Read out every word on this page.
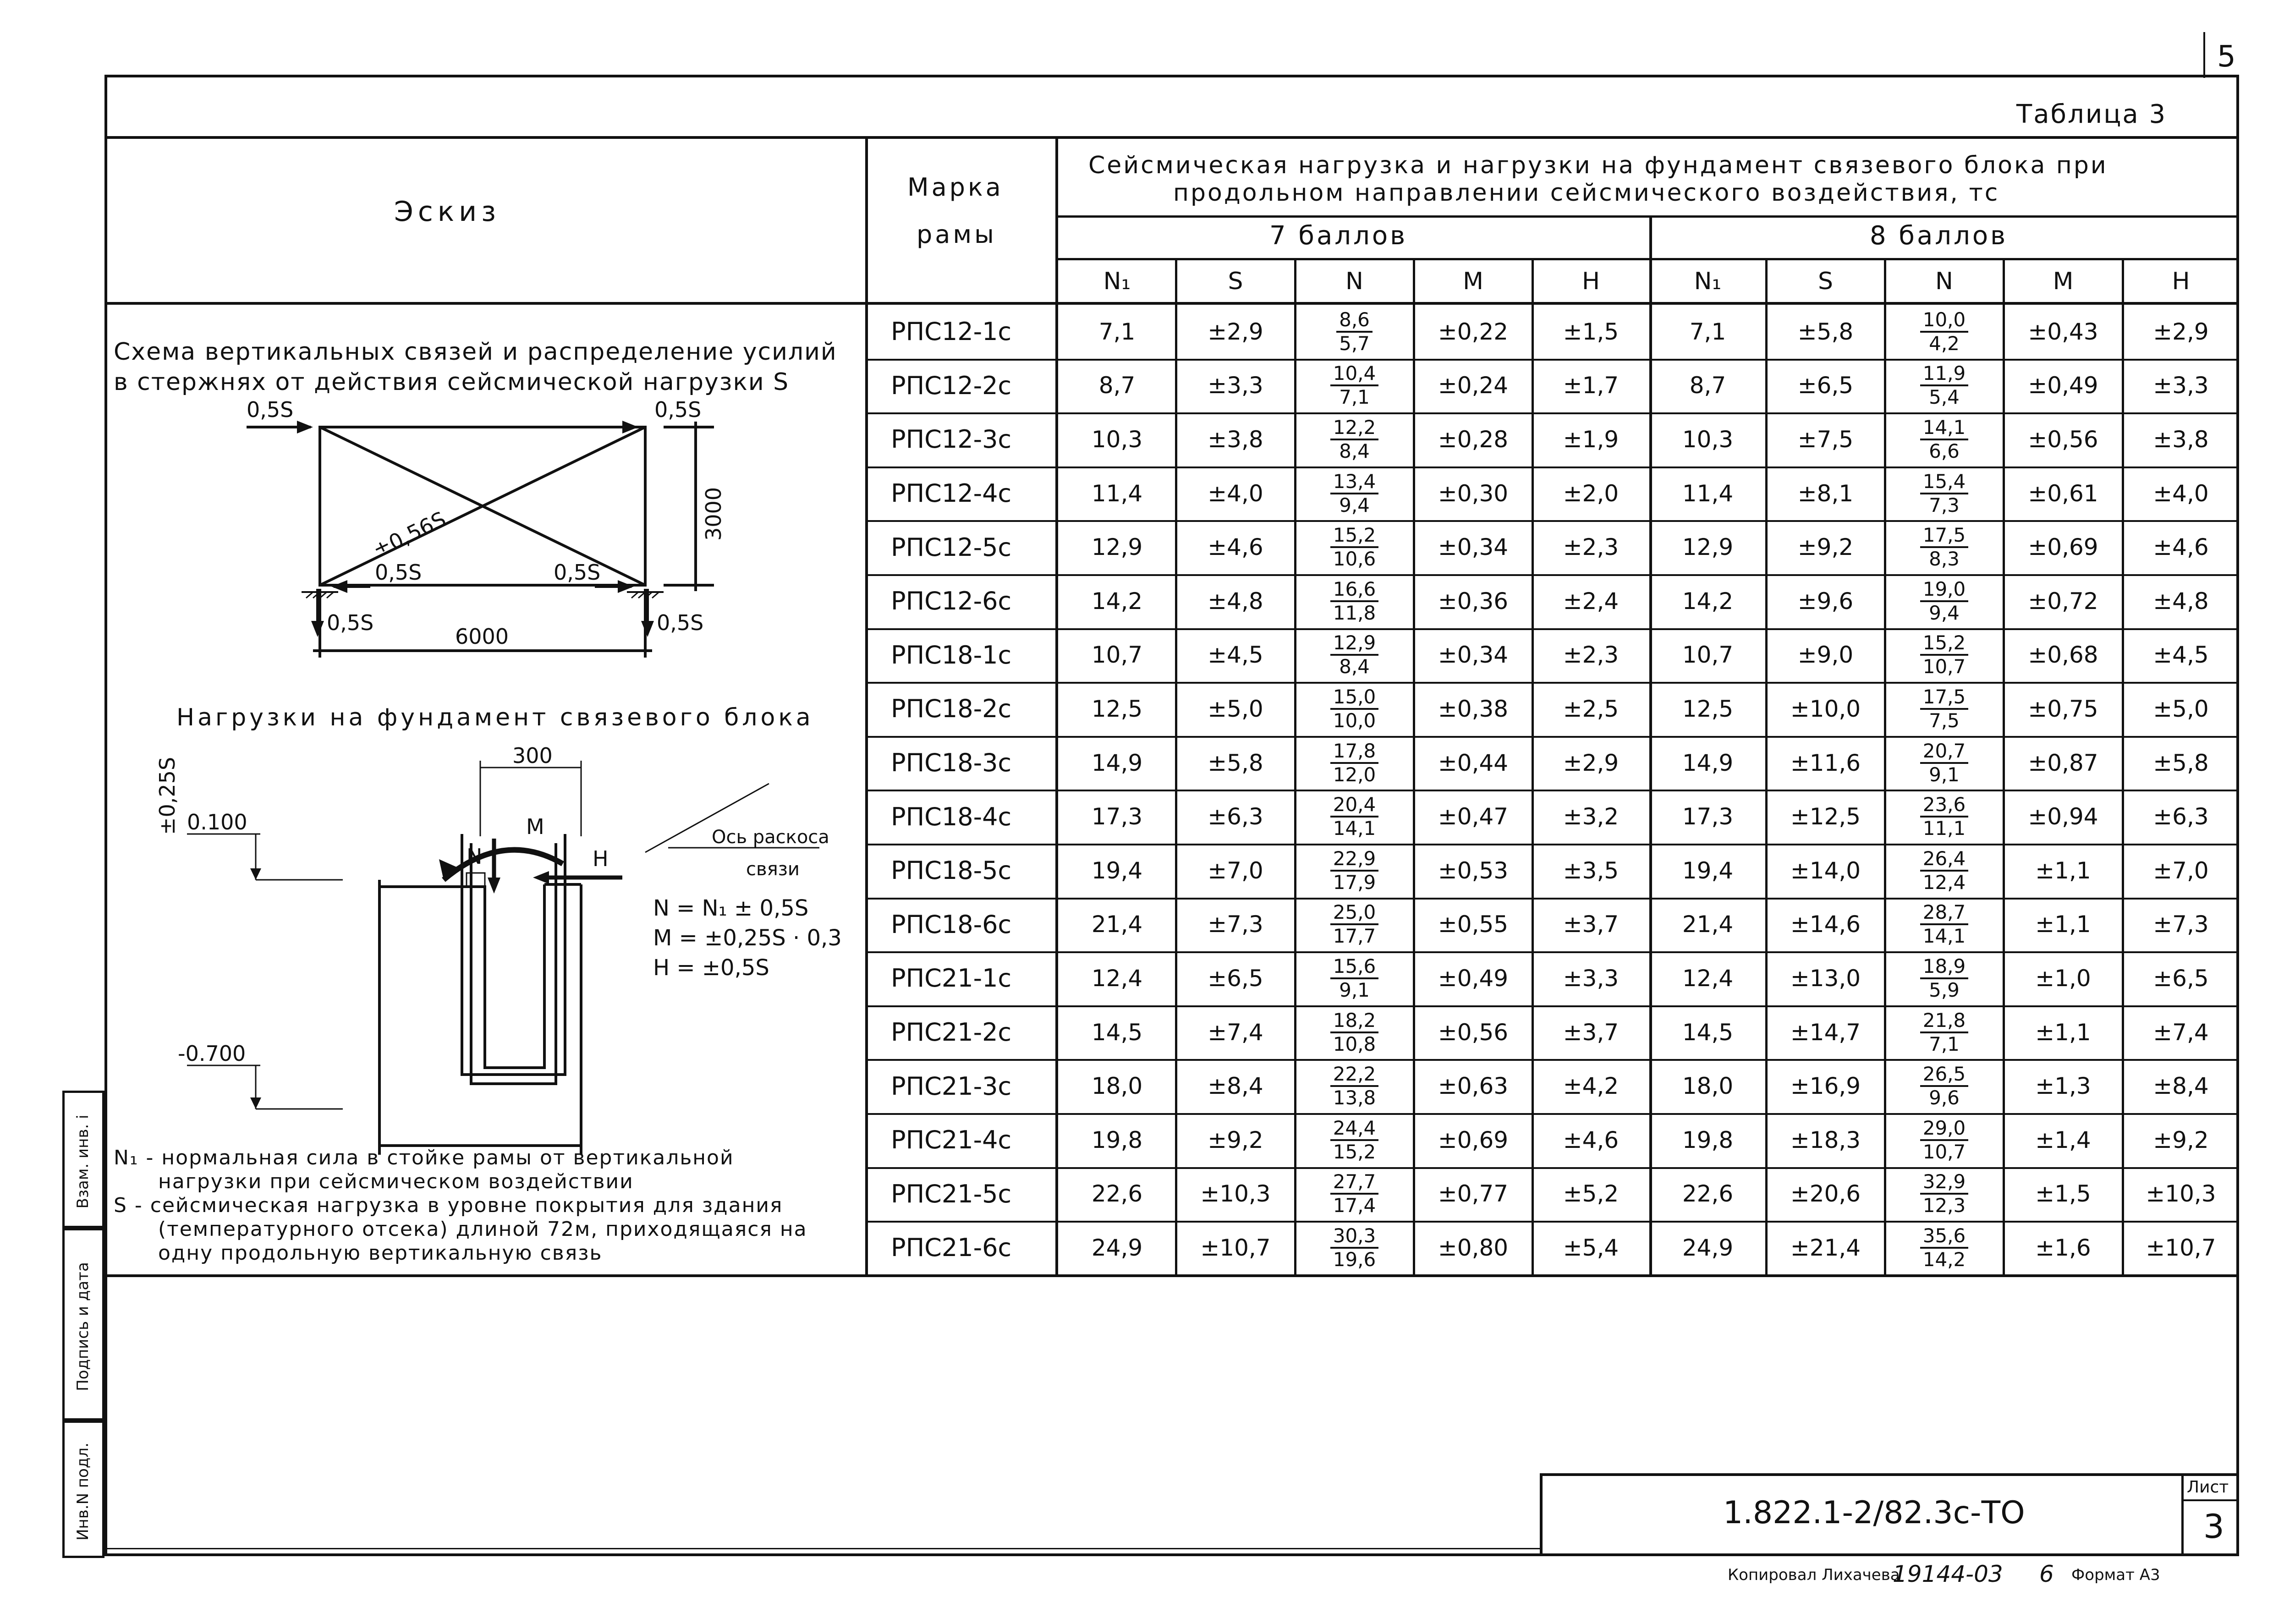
5
Взам. инв. i
Подпись и дата
Инв.N подл.
Таблица 3
Эскиз
Марка
рамы
Сейсмическая нагрузка и нагрузки на фундамент связевого блока при
продольном направлении сейсмического воздействия, тс
7 баллов	8 баллов
N₁	S	N	M	H	N₁	S	N	M	H
РПС12-1с	7,1	±2,9	$\frac{8,6}{5,7}$	±0,22	±1,5	7,1	±5,8	$\frac{10,0}{4,2}$	±0,43	±2,9
РПС12-2с	8,7	±3,3	$\frac{10,4}{7,1}$	±0,24	±1,7	8,7	±6,5	$\frac{11,9}{5,4}$	±0,49	±3,3
РПС12-3с	10,3	±3,8	$\frac{12,2}{8,4}$	±0,28	±1,9	10,3	±7,5	$\frac{14,1}{6,6}$	±0,56	±3,8
РПС12-4с	11,4	±4,0	$\frac{13,4}{9,4}$	±0,30	±2,0	11,4	±8,1	$\frac{15,4}{7,3}$	±0,61	±4,0
РПС12-5с	12,9	±4,6	$\frac{15,2}{10,6}$	±0,34	±2,3	12,9	±9,2	$\frac{17,5}{8,3}$	±0,69	±4,6
РПС12-6с	14,2	±4,8	$\frac{16,6}{11,8}$	±0,36	±2,4	14,2	±9,6	$\frac{19,0}{9,4}$	±0,72	±4,8
РПС18-1с	10,7	±4,5	$\frac{12,9}{8,4}$	±0,34	±2,3	10,7	±9,0	$\frac{15,2}{10,7}$	±0,68	±4,5
РПС18-2с	12,5	±5,0	$\frac{15,0}{10,0}$	±0,38	±2,5	12,5	±10,0	$\frac{17,5}{7,5}$	±0,75	±5,0
РПС18-3с	14,9	±5,8	$\frac{17,8}{12,0}$	±0,44	±2,9	14,9	±11,6	$\frac{20,7}{9,1}$	±0,87	±5,8
РПС18-4с	17,3	±6,3	$\frac{20,4}{14,1}$	±0,47	±3,2	17,3	±12,5	$\frac{23,6}{11,1}$	±0,94	±6,3
РПС18-5с	19,4	±7,0	$\frac{22,9}{17,9}$	±0,53	±3,5	19,4	±14,0	$\frac{26,4}{12,4}$	±1,1	±7,0
РПС18-6с	21,4	±7,3	$\frac{25,0}{17,7}$	±0,55	±3,7	21,4	±14,6	$\frac{28,7}{14,1}$	±1,1	±7,3
РПС21-1с	12,4	±6,5	$\frac{15,6}{9,1}$	±0,49	±3,3	12,4	±13,0	$\frac{18,9}{5,9}$	±1,0	±6,5
РПС21-2с	14,5	±7,4	$\frac{18,2}{10,8}$	±0,56	±3,7	14,5	±14,7	$\frac{21,8}{7,1}$	±1,1	±7,4
РПС21-3с	18,0	±8,4	$\frac{22,2}{13,8}$	±0,63	±4,2	18,0	±16,9	$\frac{26,5}{9,6}$	±1,3	±8,4
РПС21-4с	19,8	±9,2	$\frac{24,4}{15,2}$	±0,69	±4,6	19,8	±18,3	$\frac{29,0}{10,7}$	±1,4	±9,2
РПС21-5с	22,6	±10,3	$\frac{27,7}{17,4}$	±0,77	±5,2	22,6	±20,6	$\frac{32,9}{12,3}$	±1,5	±10,3
РПС21-6с	24,9	±10,7	$\frac{30,3}{19,6}$	±0,80	±5,4	24,9	±21,4	$\frac{35,6}{14,2}$	±1,6	±10,7
Схема вертикальных связей и распределение усилий
в стержнях от действия сейсмической нагрузки S
0,5S	0,5S
0,5S	0,5S
0,5S	0,5S
6000
±0,56S
±0,25S
3000
Нагрузки на фундамент связевого блока
300
0.100
-0.700
N
M
H
Ось раскоса
связи
N = N₁ ± 0,5S
M = ±0,25S · 0,3
H = ±0,5S
N₁ - нормальная сила в стойке рамы от вертикальной
нагрузки при сейсмическом воздействии
S - сейсмическая нагрузка в уровне покрытия для здания
(температурного отсека) длиной 72м, приходящаяся на
одну продольную вертикальную связь
1.822.1-2/82.3с-ТО
Лист
3
Копировал Лихачева
19144-03 6 Формат А3
